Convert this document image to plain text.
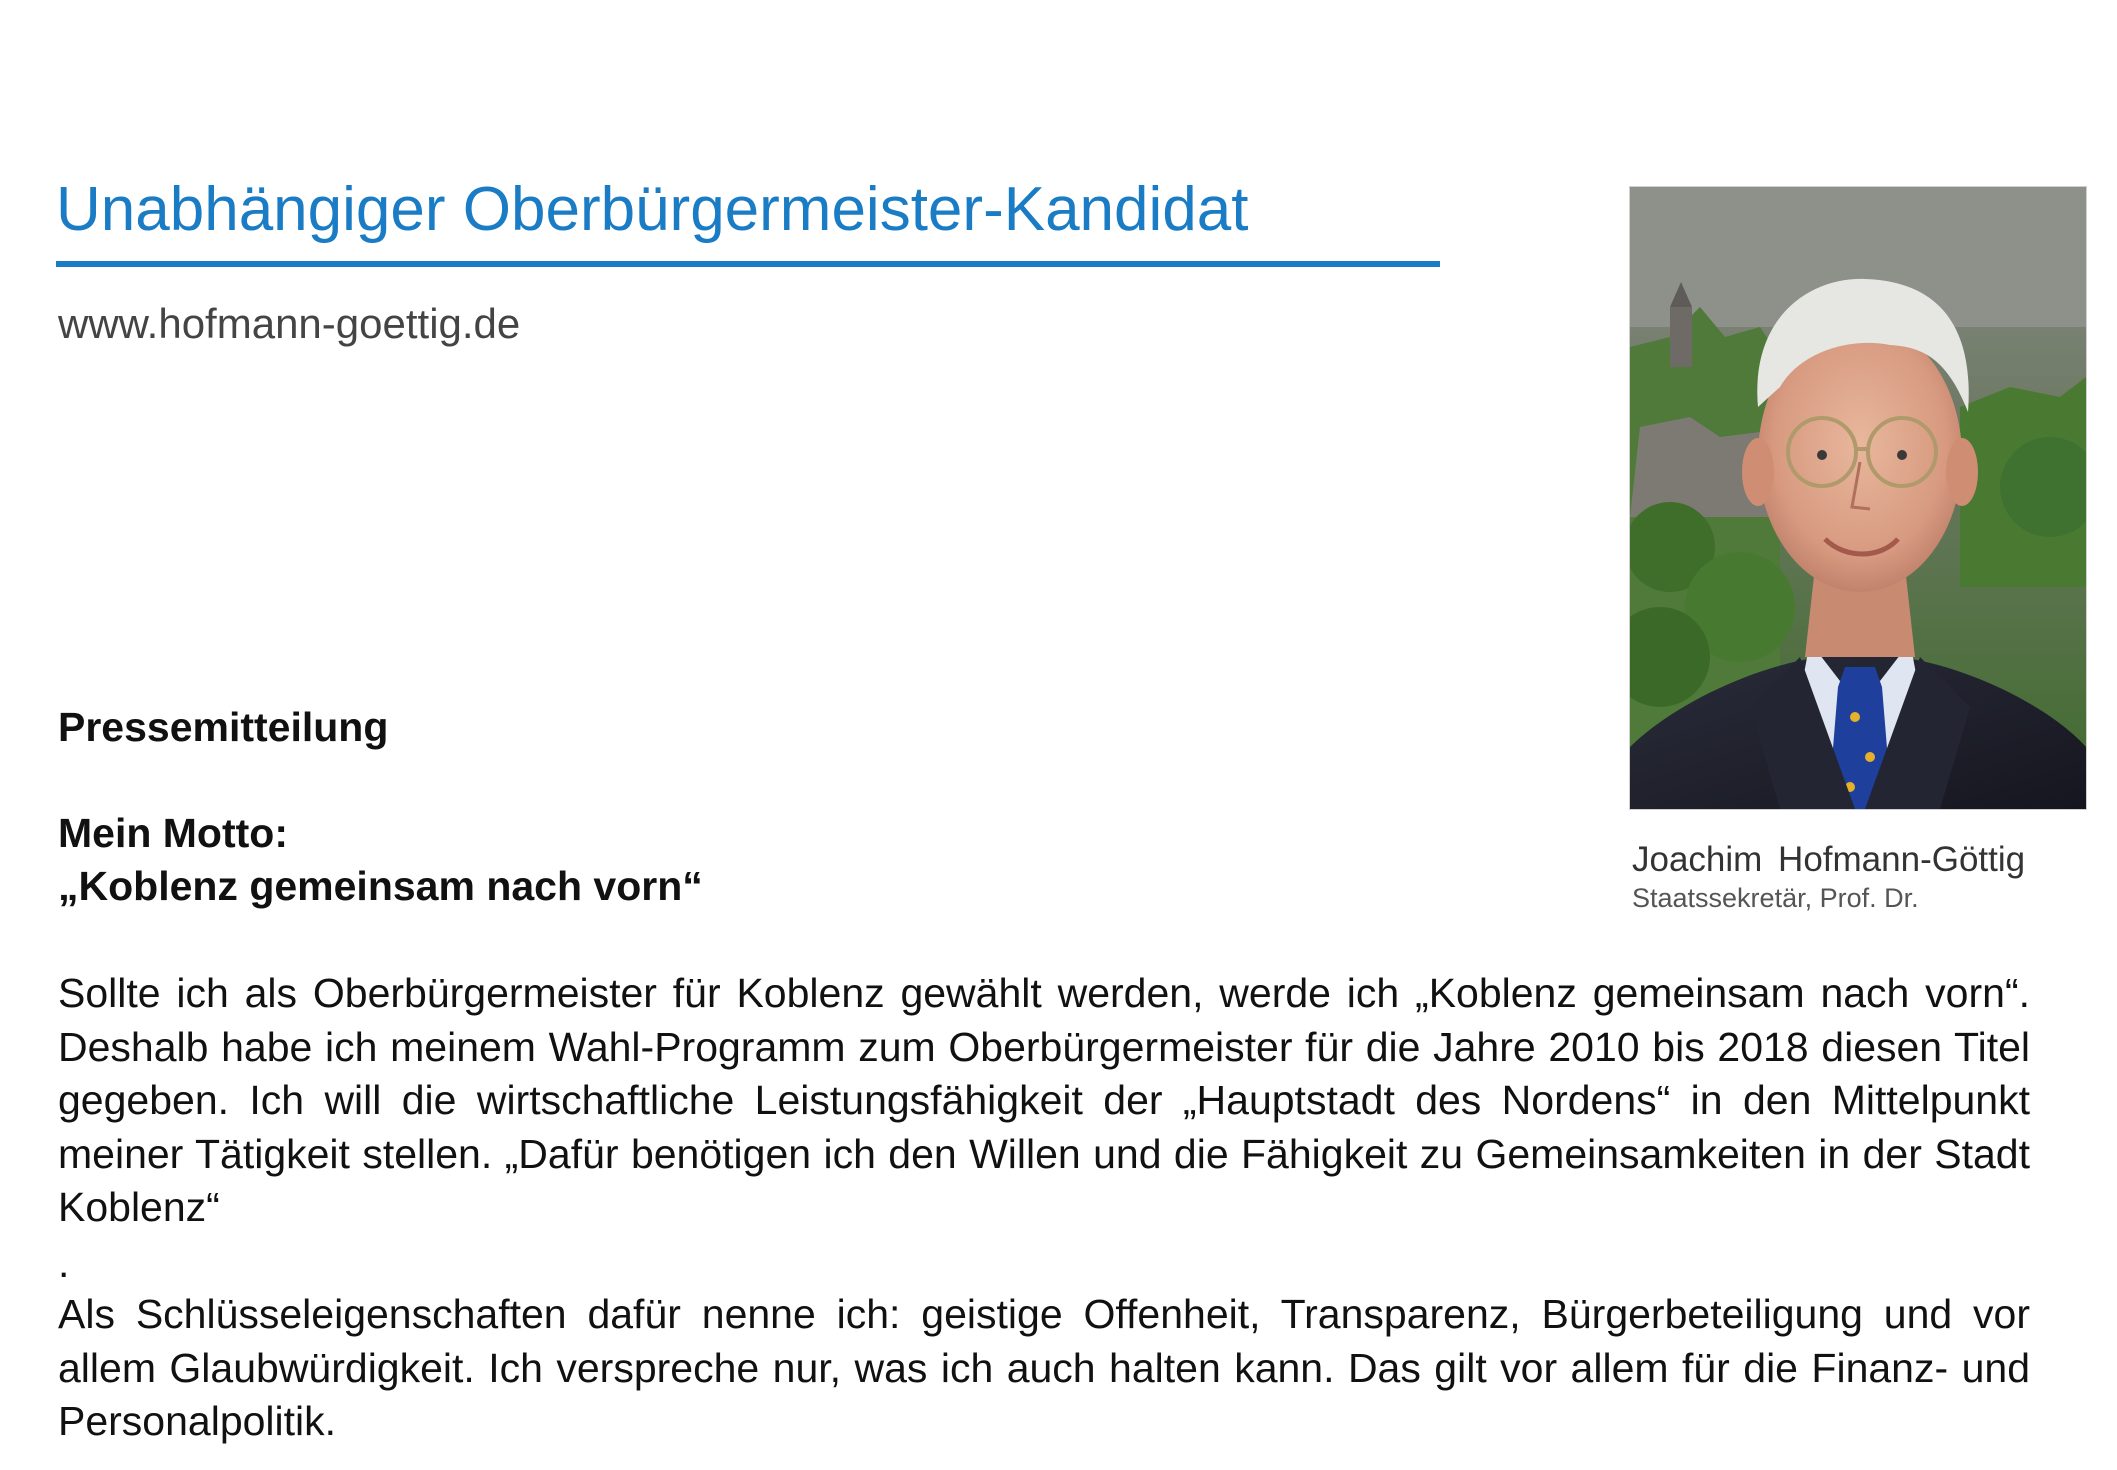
Unabhängiger Oberbürgermeister-Kandidat
www.hofmann-goettig.de
Joachim Hofmann-Göttig
Staatssekretär, Prof. Dr.
Pressemitteilung
Mein Motto:
„Koblenz gemeinsam nach vorn“
Sollte ich als Oberbürgermeister für Koblenz gewählt werden, werde ich „Koblenz gemeinsam nach vorn“. Deshalb habe ich meinem Wahl-Programm zum Oberbürgermeister für die Jahre 2010 bis 2018 diesen Titel gegeben. Ich will die wirtschaftliche Leistungsfähigkeit der „Hauptstadt des Nordens“ in den Mittelpunkt meiner Tätigkeit stellen. „Dafür benötigen ich den Willen und die Fähigkeit zu Gemeinsamkeiten in der Stadt Koblenz“
.
Als Schlüsseleigenschaften dafür nenne ich: geistige Offenheit, Transparenz, Bürgerbeteiligung und vor allem Glaubwürdigkeit. Ich verspreche nur, was ich auch halten kann. Das gilt vor allem für die Finanz- und Personalpolitik.
